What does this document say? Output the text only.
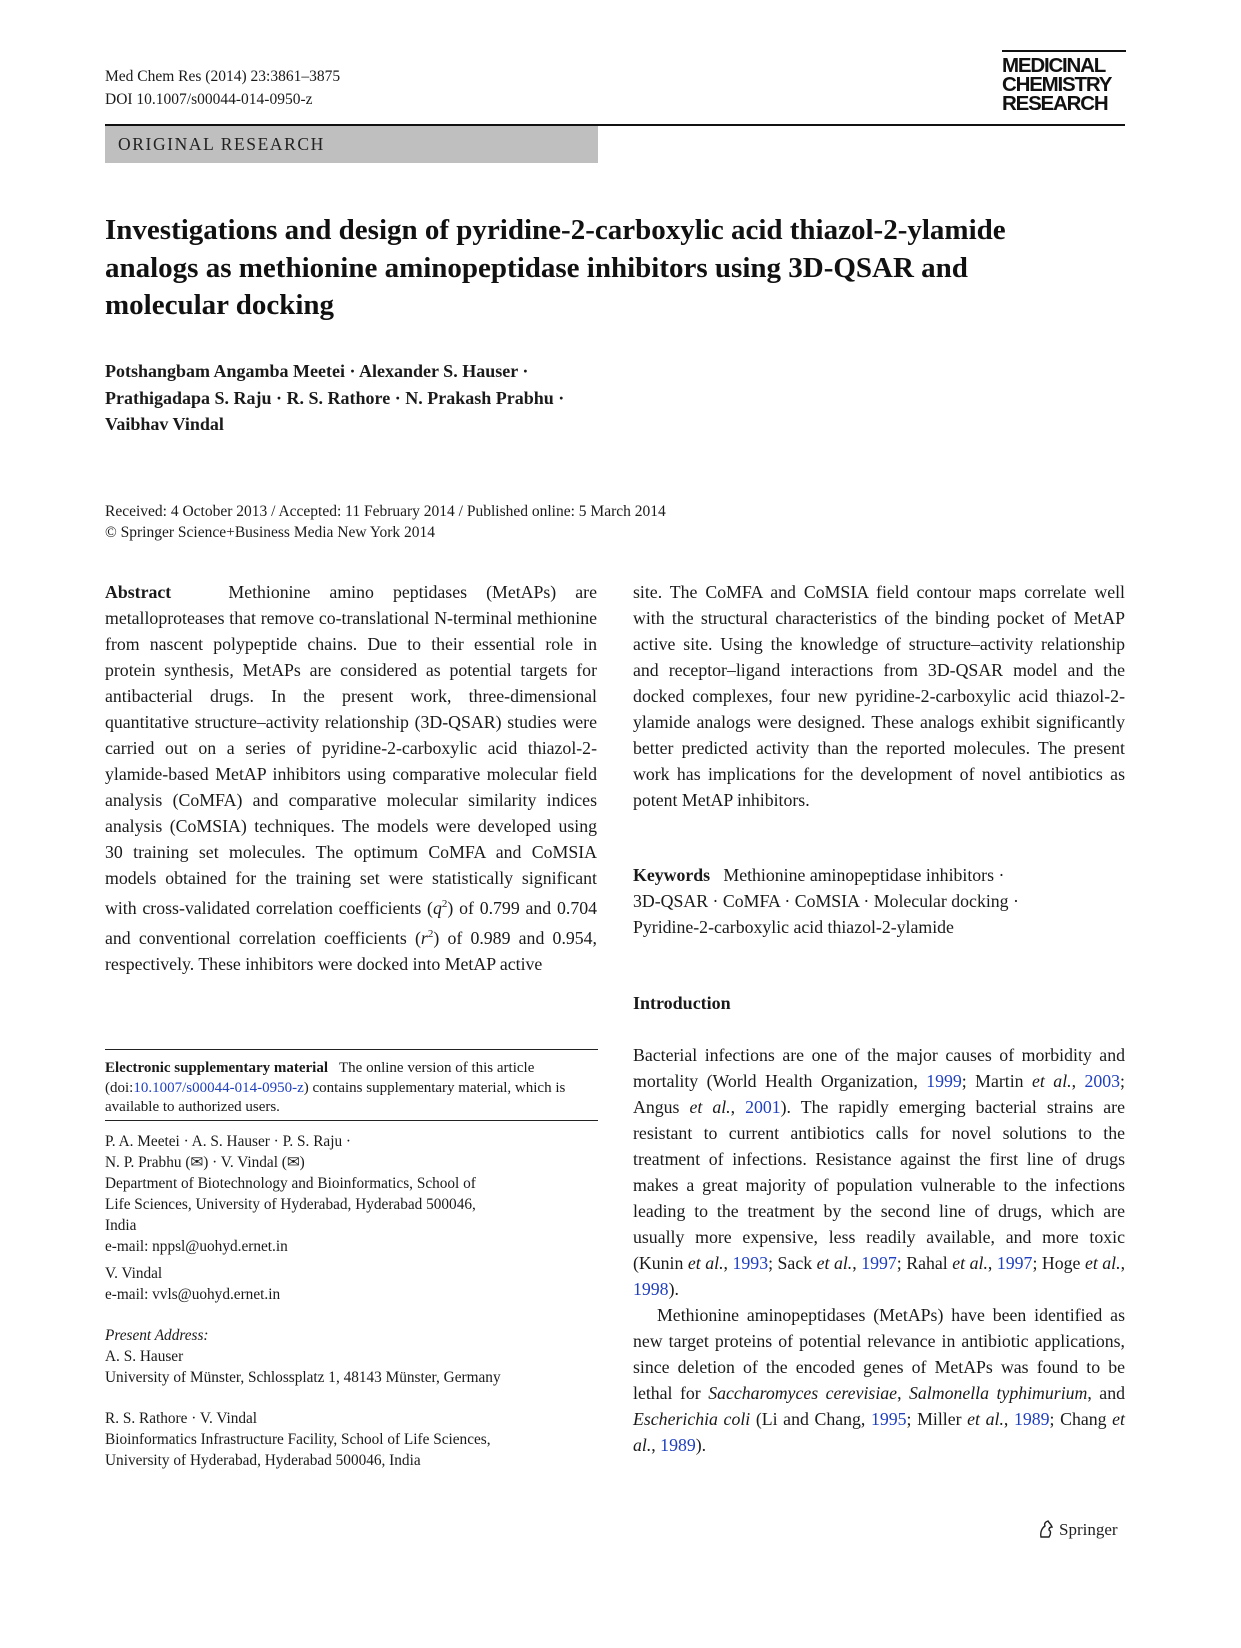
Med Chem Res (2014) 23:3861–3875
DOI 10.1007/s00044-014-0950-z
MEDICINAL
CHEMISTRY
RESEARCH
ORIGINAL RESEARCH
Investigations and design of pyridine-2-carboxylic acid thiazol-2-ylamide analogs as methionine aminopeptidase inhibitors using 3D-QSAR and molecular docking
Potshangbam Angamba Meetei · Alexander S. Hauser ·
Prathigadapa S. Raju · R. S. Rathore · N. Prakash Prabhu ·
Vaibhav Vindal
Received: 4 October 2013 / Accepted: 11 February 2014 / Published online: 5 March 2014
© Springer Science+Business Media New York 2014
Abstract	Methionine amino peptidases (MetAPs) are metalloproteases that remove co-translational N-terminal methionine from nascent polypeptide chains. Due to their essential role in protein synthesis, MetAPs are considered as potential targets for antibacterial drugs. In the present work, three-dimensional quantitative structure–activity relationship (3D-QSAR) studies were carried out on a series of pyridine-2-carboxylic acid thiazol-2-ylamide-based MetAP inhibitors using comparative molecular field analysis (CoMFA) and comparative molecular similarity indices analysis (CoMSIA) techniques. The models were developed using 30 training set molecules. The optimum CoMFA and CoMSIA models obtained for the training set were statistically significant with cross-validated correlation coefficients $(q^2)$ of 0.799 and 0.704 and conventional correlation coefficients $(r^2)$ of 0.989 and 0.954, respectively. These inhibitors were docked into MetAP active
site. The CoMFA and CoMSIA field contour maps correlate well with the structural characteristics of the binding pocket of MetAP active site. Using the knowledge of structure–activity relationship and receptor–ligand interactions from 3D-QSAR model and the docked complexes, four new pyridine-2-carboxylic acid thiazol-2-ylamide analogs were designed. These analogs exhibit significantly better predicted activity than the reported molecules. The present work has implications for the development of novel antibiotics as potent MetAP inhibitors.
Keywords Methionine aminopeptidase inhibitors ·
3D-QSAR · CoMFA · CoMSIA · Molecular docking ·
Pyridine-2-carboxylic acid thiazol-2-ylamide
Introduction

Bacterial infections are one of the major causes of morbidity and mortality (World Health Organization, 1999; Martin et al., 2003; Angus et al., 2001). The rapidly emerging bacterial strains are resistant to current antibiotics calls for novel solutions to the treatment of infections. Resistance against the first line of drugs makes a great majority of population vulnerable to the infections leading to the treatment by the second line of drugs, which are usually more expensive, less readily available, and more toxic (Kunin et al., 1993; Sack et al., 1997; Rahal et al., 1997; Hoge et al., 1998).

Methionine aminopeptidases (MetAPs) have been identified as new target proteins of potential relevance in antibiotic applications, since deletion of the encoded genes of MetAPs was found to be lethal for Saccharomyces cerevisiae, Salmonella typhimurium, and Escherichia coli (Li and Chang, 1995; Miller et al., 1989; Chang et al., 1989).

Electronic supplementary material The online version of this article (doi:10.1007/s00044-014-0950-z) contains supplementary material, which is available to authorized users.
P. A. Meetei · A. S. Hauser · P. S. Raju ·
N. P. Prabhu (✉) · V. Vindal (✉)
Department of Biotechnology and Bioinformatics, School of
Life Sciences, University of Hyderabad, Hyderabad 500046,
India
e-mail: nppsl@uohyd.ernet.in
V. Vindal
e-mail: vvls@uohyd.ernet.in
Present Address:
A. S. Hauser
University of Münster, Schlossplatz 1, 48143 Münster, Germany
R. S. Rathore · V. Vindal
Bioinformatics Infrastructure Facility, School of Life Sciences,
University of Hyderabad, Hyderabad 500046, India
Springer
